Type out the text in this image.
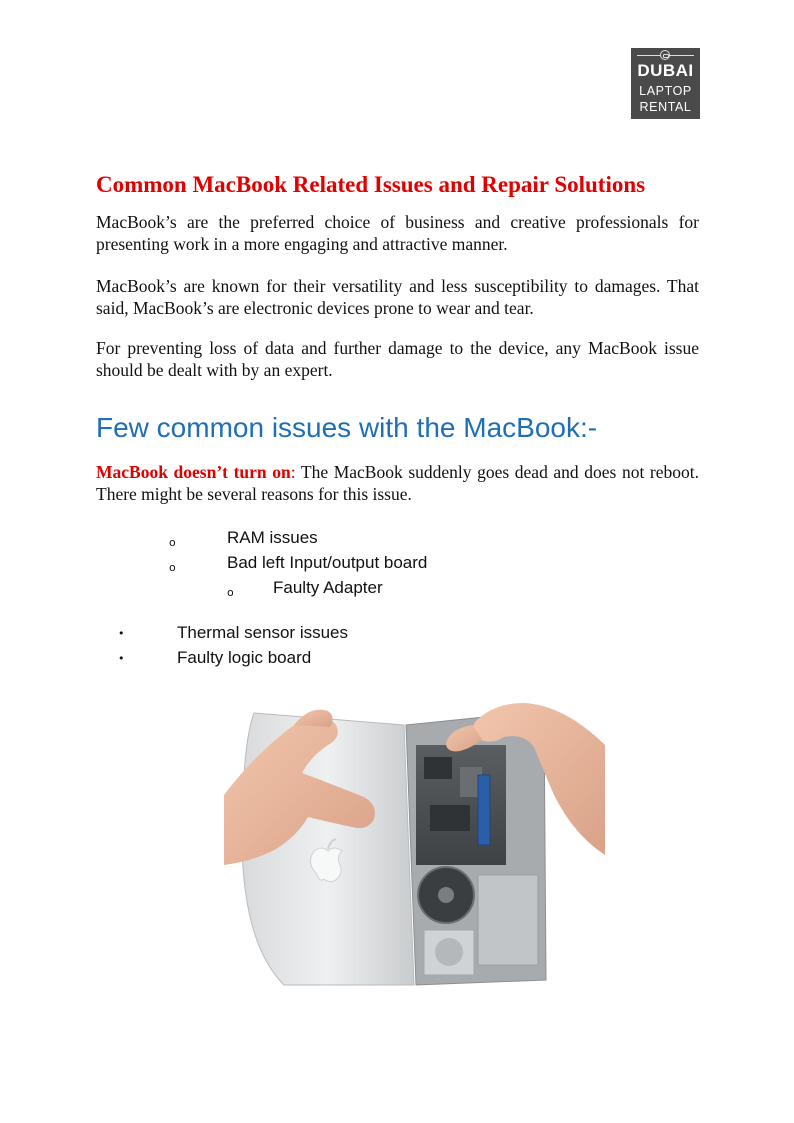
DUBAI
LAPTOP
RENTAL
Common MacBook Related Issues and Repair Solutions

MacBook’s are the preferred choice of business and creative professionals for presenting work in a more engaging and attractive manner.

MacBook’s are known for their versatility and less susceptibility to damages. That said, MacBook’s are electronic devices prone to wear and tear.

For preventing loss of data and further damage to the device, any MacBook issue should be dealt with by an expert.

Few common issues with the MacBook:-

MacBook doesn’t turn on: The MacBook suddenly goes dead and does not reboot. There might be several reasons for this issue.

o	RAM issues
o	Bad left Input/output board
o Faulty Adapter
•	Thermal sensor issues
•	Faulty logic board
